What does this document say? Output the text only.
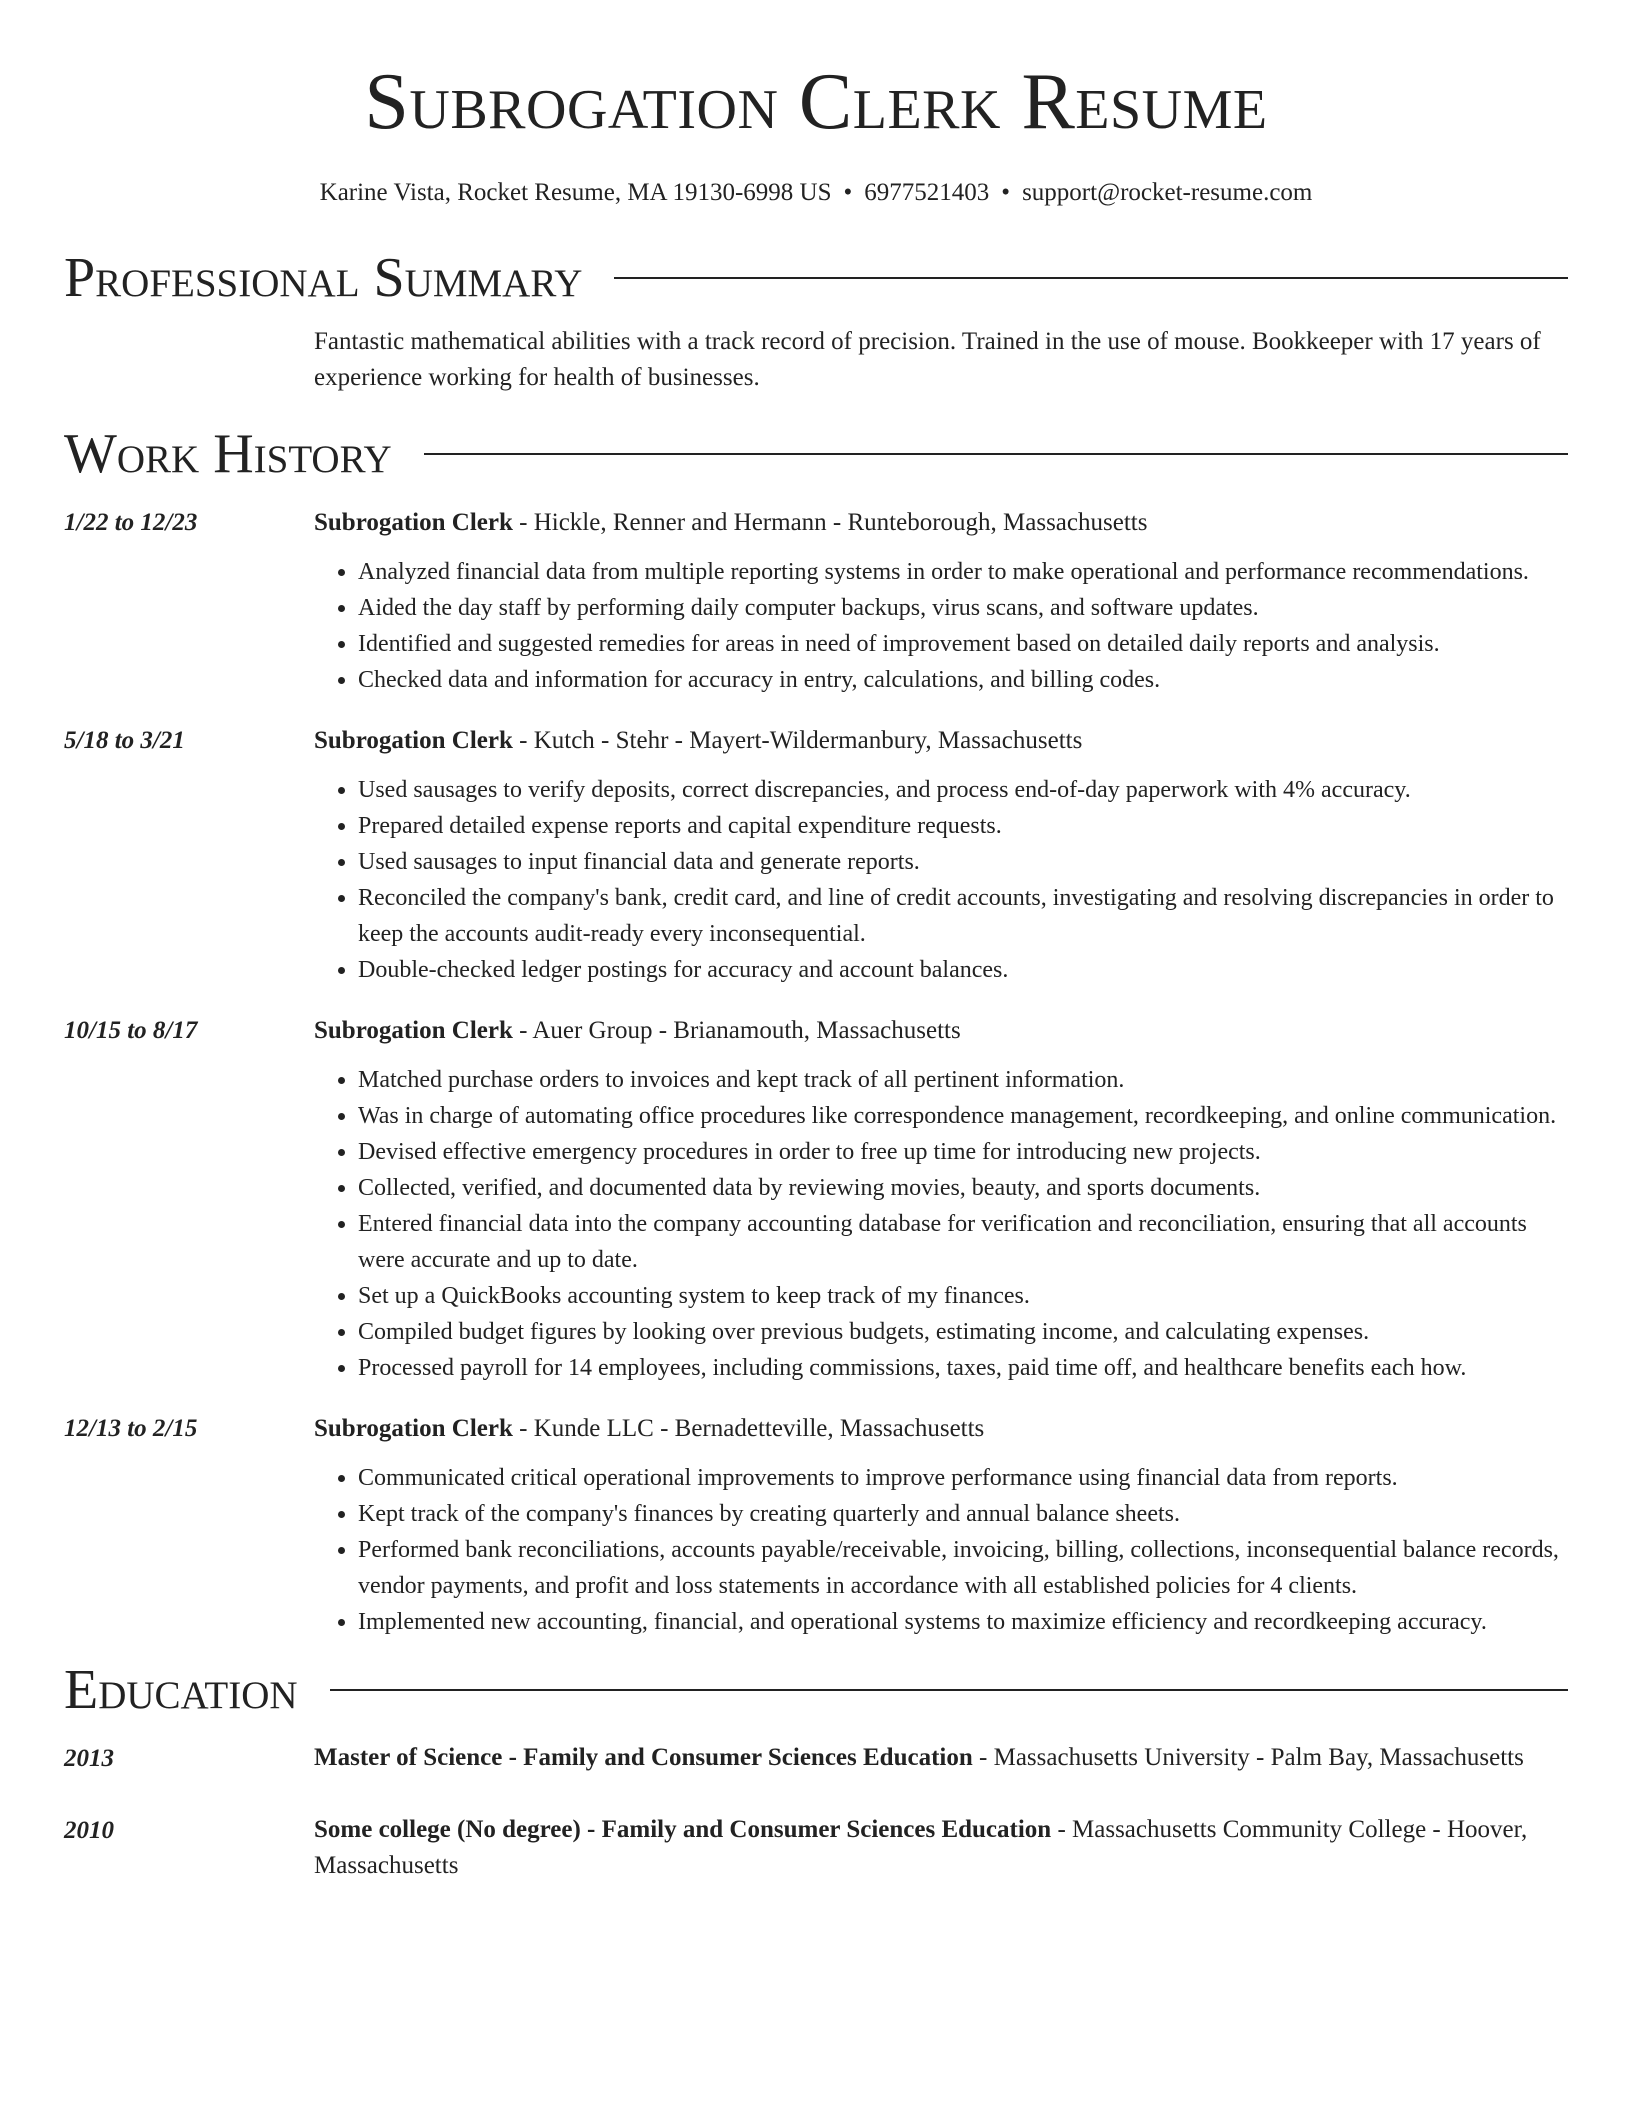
Subrogation Clerk Resume
Karine Vista, Rocket Resume, MA 19130-6998 US • 6977521403 • support@rocket-resume.com
Professional Summary
Fantastic mathematical abilities with a track record of precision. Trained in the use of mouse. Bookkeeper with 17 years of experience working for health of businesses.
Work History
1/22 to 12/23	Subrogation Clerk - Hickle, Renner and Hermann - Runteborough, Massachusetts
• Analyzed financial data from multiple reporting systems in order to make operational and performance recommendations.
• Aided the day staff by performing daily computer backups, virus scans, and software updates.
• Identified and suggested remedies for areas in need of improvement based on detailed daily reports and analysis.
• Checked data and information for accuracy in entry, calculations, and billing codes.
5/18 to 3/21	Subrogation Clerk - Kutch - Stehr - Mayert-Wildermanbury, Massachusetts
• Used sausages to verify deposits, correct discrepancies, and process end-of-day paperwork with 4% accuracy.
• Prepared detailed expense reports and capital expenditure requests.
• Used sausages to input financial data and generate reports.
• Reconciled the company's bank, credit card, and line of credit accounts, investigating and resolving discrepancies in order to keep the accounts audit-ready every inconsequential.
• Double-checked ledger postings for accuracy and account balances.
10/15 to 8/17	Subrogation Clerk - Auer Group - Brianamouth, Massachusetts
• Matched purchase orders to invoices and kept track of all pertinent information.
• Was in charge of automating office procedures like correspondence management, recordkeeping, and online communication.
• Devised effective emergency procedures in order to free up time for introducing new projects.
• Collected, verified, and documented data by reviewing movies, beauty, and sports documents.
• Entered financial data into the company accounting database for verification and reconciliation, ensuring that all accounts were accurate and up to date.
• Set up a QuickBooks accounting system to keep track of my finances.
• Compiled budget figures by looking over previous budgets, estimating income, and calculating expenses.
• Processed payroll for 14 employees, including commissions, taxes, paid time off, and healthcare benefits each how.
12/13 to 2/15	Subrogation Clerk - Kunde LLC - Bernadetteville, Massachusetts
• Communicated critical operational improvements to improve performance using financial data from reports.
• Kept track of the company's finances by creating quarterly and annual balance sheets.
• Performed bank reconciliations, accounts payable/receivable, invoicing, billing, collections, inconsequential balance records, vendor payments, and profit and loss statements in accordance with all established policies for 4 clients.
• Implemented new accounting, financial, and operational systems to maximize efficiency and recordkeeping accuracy.
Education
2013	Master of Science - Family and Consumer Sciences Education - Massachusetts University - Palm Bay, Massachusetts
2010	Some college (No degree) - Family and Consumer Sciences Education - Massachusetts Community College - Hoover, Massachusetts
